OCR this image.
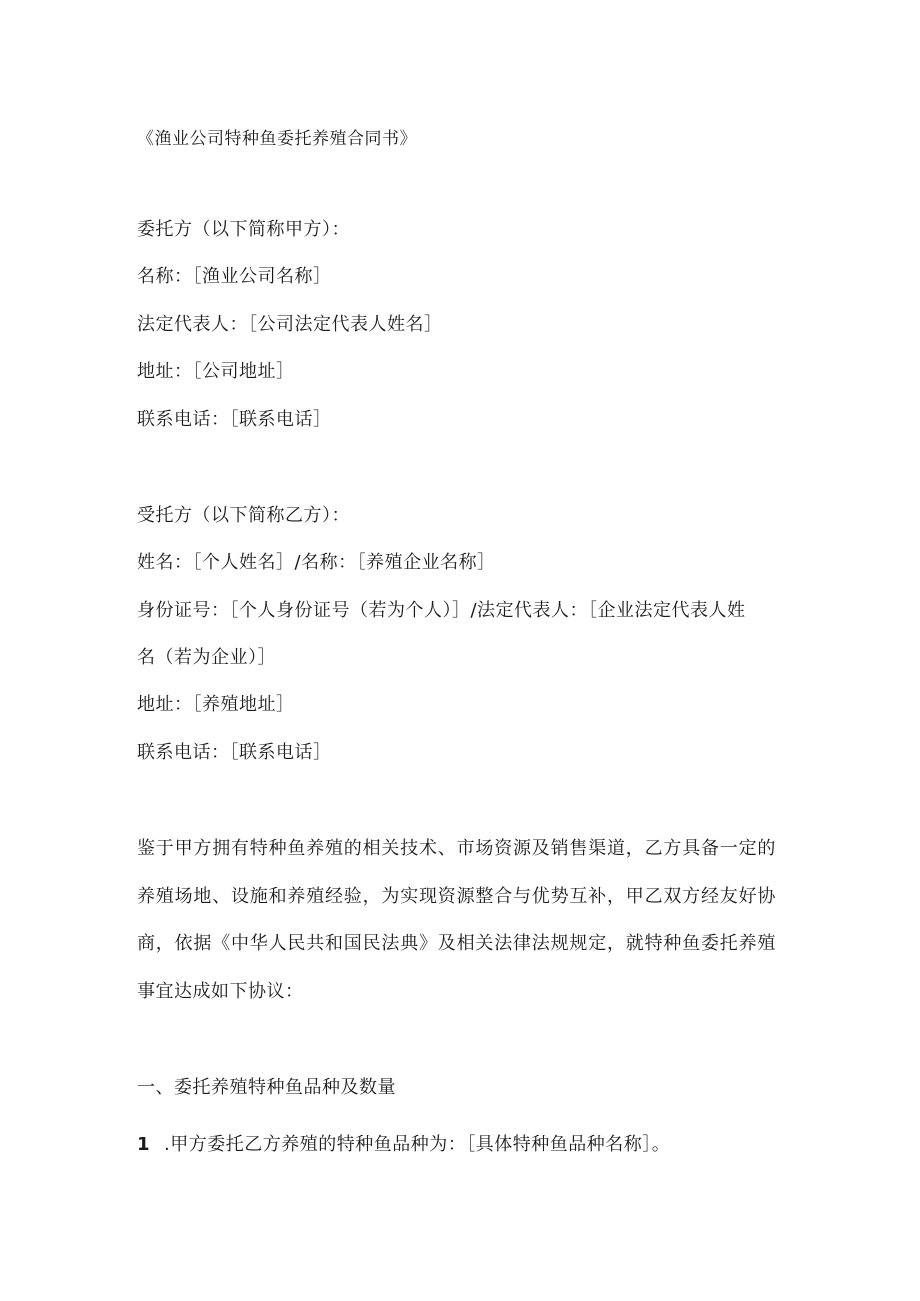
《渔业公司特种鱼委托养殖合同书》
委托方（以下简称甲方）：
名称：［渔业公司名称］
法定代表人：［公司法定代表人姓名］
地址：［公司地址］
联系电话：［联系电话］
受托方（以下简称乙方）：
姓名：［个人姓名］/名称：［养殖企业名称］
身份证号：［个人身份证号（若为个人）］/法定代表人：［企业法定代表人姓
名（若为企业）］
地址：［养殖地址］
联系电话：［联系电话］
鉴于甲方拥有特种鱼养殖的相关技术、市场资源及销售渠道，乙方具备一定的
养殖场地、设施和养殖经验，为实现资源整合与优势互补，甲乙双方经友好协
商，依据《中华人民共和国民法典》及相关法律法规规定，就特种鱼委托养殖
事宜达成如下协议：
一、委托养殖特种鱼品种及数量
1 .甲方委托乙方养殖的特种鱼品种为：［具体特种鱼品种名称］。
